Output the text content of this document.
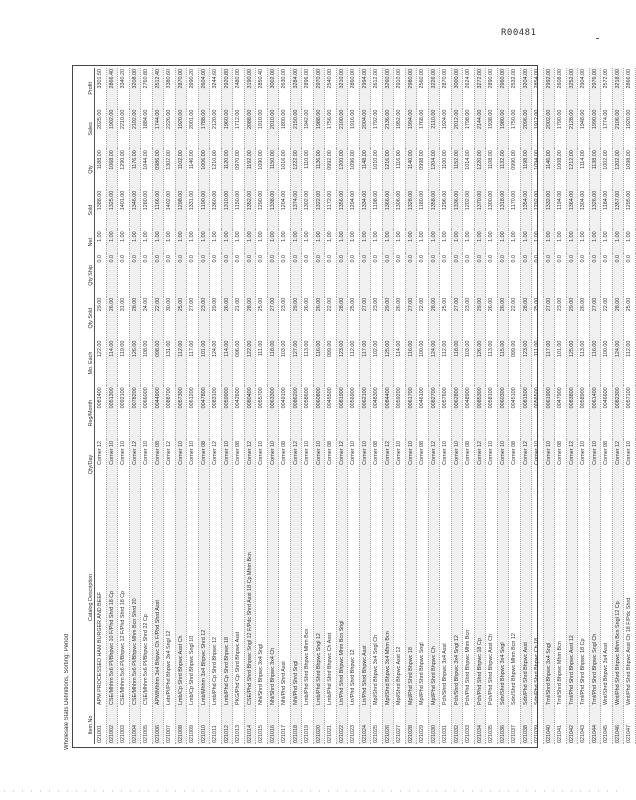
R00481
Wholesale Stats Definitions, Sorting: Period	Item No	Catalog Description	Qty/Day	Reg/Month	Mo. Each	Qty Sold	Qty Ship	Net	Sold	Qty	Sales	Profit
021001	APM PROCESSED HAM BURGER AND BEEF	Corner 12	0081400	122.00	29.00	0.0	1.00	1388.00	1188.00	2025.00	3301.50
021002	CSE/Mhhm 5x6 PI/Bhpwc 10 F/Phd Shrd 18 Cp	Corner 10	0051300	114.00	26.00	0.0	1.00	1325.00	1068.00	1902.00	2866.40
021003	CSE/Mhhm 5x6 PI/Bhpwc 12 F/Phd Shrd 18 Cp	Corner 10	0092100	119.00	31.00	0.0	1.00	1401.00	1290.00	2210.00	3340.20
021004	CSE/Mhhm 5x6 PI/Bhpwc Mhm Bcn Shrd 20	Corner 12	0078200	126.00	28.00	0.0	1.00	1346.00	1176.00	2102.00	3208.00
021005	CSE/Mhhm 5x6 PI/Bhpwc Shrd 22 Cp	Corner 10	0066000	108.00	24.00	0.0	1.00	1280.00	1044.00	1884.00	2760.80
021006	APM/Mhhm 3x4 Bhpwc Ch F/Phd Shrd Asst	Corner 08	0044900	098.00	22.00	0.0	1.00	1166.00	0986.00	1744.00	2512.40
021007	Leb/PI/Phd Bhpwc 3x4 Sngl 12	Corner 12	0088700	131.00	30.00	0.0	1.00	1402.00	1302.00	2226.00	3380.60
021008	Lmb/Cp Shrd Bhpwc Asst Ch	Corner 10	0057300	112.00	25.00	0.0	1.00	1298.00	1102.00	1920.00	2870.00
021009	Lmb/Cp Shrd Bhpwc Sngl 10	Corner 10	0061200	117.00	27.00	0.0	1.00	1331.00	1146.00	2001.00	2990.20
021010	Lmb/Mhhm 3x4 Bhpwc Shrd 12	Corner 08	0047800	101.00	23.00	0.0	1.00	1190.00	1006.00	1788.00	2604.00
021011	Lmb/Phd Cp Shrd Bhpwc 12	Corner 12	0083100	124.00	29.00	0.0	1.00	1360.00	1210.00	2120.00	3244.60
021012	Lmb/Phd Cp Shrd Bhpwc 18	Corner 10	0059900	114.00	26.00	0.0	1.00	1310.00	1120.00	1960.00	2920.80
021013	PKG/Phd Cp Shrd Bhpwc Asst	Corner 08	0042600	096.00	21.00	0.0	1.00	1150.00	0970.00	1712.00	2480.00
021014	CSE/Phd Shrd Bhpwc Sngl 12 F/Pdc Shrd Asst 18 Cp Mhm Bcn	Corner 12	0080400	122.00	28.00	0.0	1.00	1352.00	1192.00	2088.00	3190.00
021015	Nhl/Shrd Bhpwc 3x4 Sngl	Corner 10	0055700	111.00	25.00	0.0	1.00	1290.00	1090.00	1910.00	2850.40
021016	Nhl/Shrd Bhpwc 3x4 Ch	Corner 10	0063300	118.00	27.00	0.0	1.00	1338.00	1150.00	2010.00	3002.00
021017	Nhl/Phd Shrd Asst	Corner 08	0049100	103.00	23.00	0.0	1.00	1204.00	1016.00	1800.00	2630.00
021018	Nhl/Phd Shrd Sngl	Corner 12	0086200	127.00	29.00	0.0	1.00	1374.00	1222.00	2150.00	3284.00
021019	Lmb/Phd Shrd Bhpwc Mhm Bcn	Corner 10	0058600	113.00	26.00	0.0	1.00	1302.00	1110.00	1942.00	2896.00
021020	Lmb/Phd Shrd Bhpwc Sngl 12	Corner 10	0060800	116.00	26.00	0.0	1.00	1322.00	1136.00	1988.00	2970.00
021021	Lmb/Phd Shrd Bhpwc Ch Asst	Corner 08	0045500	099.00	22.00	0.0	1.00	1172.00	0992.00	1756.00	2540.00
021022	Ltr/Phd Shrd Bhpwc Mhm Bcn Sngl	Corner 12	0081900	123.00	28.00	0.0	1.00	1356.00	1200.00	2100.00	3210.00
021023	Ltr/Phd Shrd Bhpwc 12	Corner 10	0056900	112.00	25.00	0.0	1.00	1294.00	1096.00	1916.00	2860.00
021024	Ltr/Phd Shrd Bhpwc Asst	Corner 10	0062100	117.00	27.00	0.0	1.00	1334.00	1148.00	2004.00	2994.00
021025	Mpl/Shrd Bhpwc 3x4 Sngl Ch	Corner 08	0048300	102.00	23.00	0.0	1.00	1198.00	1010.00	1792.00	2612.00
021026	Mpl/Shrd Bhpwc 3x4 Mhm Bcn	Corner 12	0084400	125.00	29.00	0.0	1.00	1366.00	1216.00	2136.00	3260.00
021027	Mpl/Shrd Bhpwc Asst 12	Corner 10	0059200	114.00	26.00	0.0	1.00	1306.00	1116.00	1952.00	2910.00
021028	Mpl/Phd Shrd Bhpwc 18	Corner 10	0061700	116.00	27.00	0.0	1.00	1328.00	1140.00	1994.00	2980.00
021029	Mpl/Phd Shrd Bhpwc Sngl	Corner 08	0046100	100.00	22.00	0.0	1.00	1180.00	0998.00	1768.00	2560.00
021030	Mpl/Phd Shrd Bhpwc Ch	Corner 12	0082700	124.00	28.00	0.0	1.00	1358.00	1204.00	2110.00	3226.00
021031	Pch/Shrd Bhpwc 3x4 Asst	Corner 10	0057600	112.00	25.00	0.0	1.00	1296.00	1100.00	1924.00	2870.00
021032	Pch/Shrd Bhpwc 3x4 Sngl 12	Corner 10	0062800	118.00	27.00	0.0	1.00	1336.00	1152.00	2012.00	3000.00
021033	Pch/Phd Shrd Bhpwc Mhm Bcn	Corner 08	0048900	103.00	23.00	0.0	1.00	1202.00	1014.00	1798.00	2624.00
021034	Pch/Phd Shrd Bhpwc 18 Cp	Corner 12	0085300	126.00	29.00	0.0	1.00	1370.00	1220.00	2144.00	3272.00
021035	Pch/Phd Shrd Bhpwc Asst Ch	Corner 10	0058100	113.00	26.00	0.0	1.00	1300.00	1108.00	1938.00	2890.00
021036	Sdn/Shrd Bhpwc 3x4 Sngl	Corner 10	0060300	115.00	26.00	0.0	1.00	1318.00	1132.00	1980.00	2960.00
021037	Sdn/Shrd Bhpwc Mhm Bcn 12	Corner 08	0045100	099.00	22.00	0.0	1.00	1170.00	0990.00	1750.00	2532.00
021038	Sdn/Phd Shrd Bhpwc Asst	Corner 12	0081500	123.00	28.00	0.0	1.00	1354.00	1198.00	2096.00	3204.00
021039	Sdn/Phd Shrd Bhpwc Ch 18	Corner 10	0056500	111.00	25.00	0.0	1.00	1292.00	1094.00	1912.00	2854.00
021040	Tml/Shrd Bhpwc 3x4 Sngl	Corner 10	0061900	117.00	27.00	0.0	1.00	1332.00	1146.00	2002.00	2992.00
021041	Tml/Shrd Bhpwc Mhm Bcn	Corner 08	0047900	101.00	23.00	0.0	1.00	1194.00	1008.00	1790.00	2608.00
021042	Tml/Phd Shrd Bhpwc Asst 12	Corner 12	0083800	125.00	29.00	0.0	1.00	1364.00	1212.00	2128.00	3252.00
021043	Tml/Phd Shrd Bhpwc 18 Cp	Corner 10	0058900	113.00	26.00	0.0	1.00	1304.00	1114.00	1948.00	2904.00
021044	Tml/Phd Shrd Bhpwc Sngl Ch	Corner 10	0061400	116.00	27.00	0.0	1.00	1326.00	1138.00	1990.00	2976.00
021045	Wnt/Shrd Bhpwc 3x4 Asst	Corner 08	0046600	100.00	22.00	0.0	1.00	1184.00	1002.00	1774.00	2572.00
021046	Wnt/Phd Shrd Bhpwc Mhm Bcn Sngl 12 Cp	Corner 12	0082300	124.00	28.00	0.0	1.00	1357.00	1202.00	2106.00	3218.00
021047	Wnt/Phd Shrd Bhpwc Asst Ch 18 F/Pdc Shrd	Corner 10	0057100	112.00	25.00	0.0	1.00	1295.00	1098.00	1920.00	2866.00
